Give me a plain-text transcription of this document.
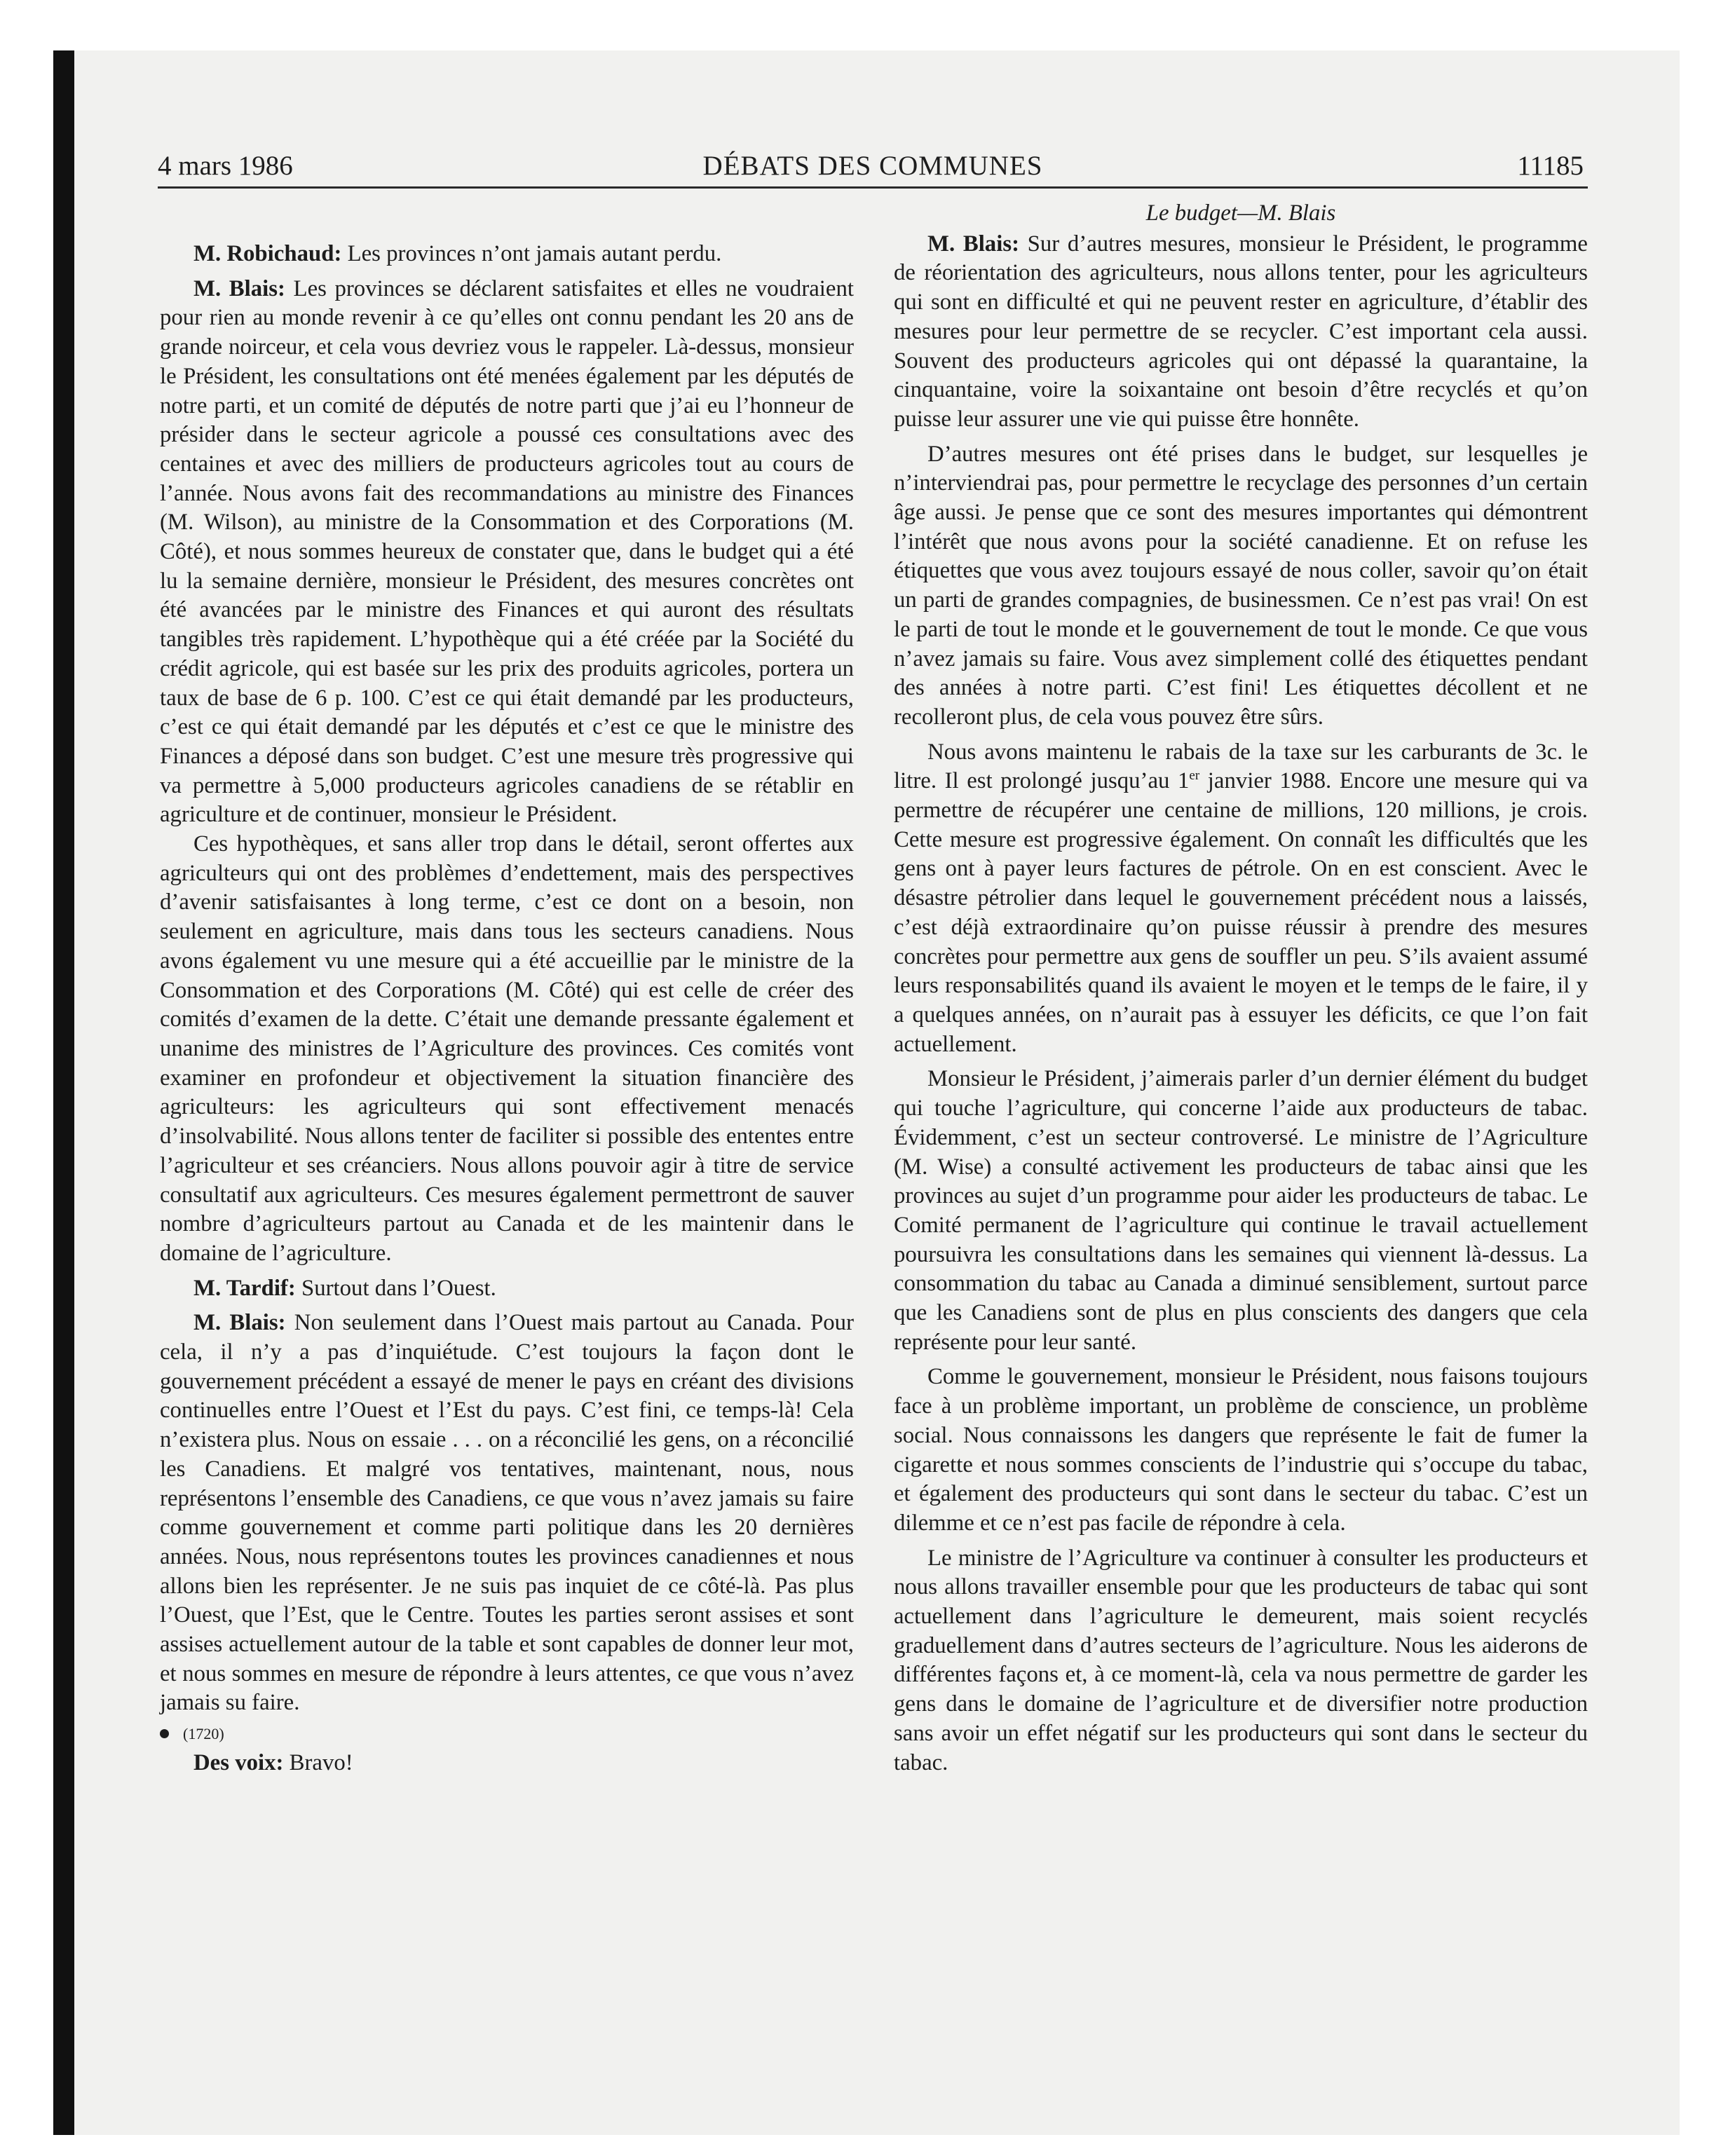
4 mars 1986	DÉBATS DES COMMUNES	11185

M. Robichaud: Les provinces n’ont jamais autant perdu.

M. Blais: Les provinces se déclarent satisfaites et elles ne voudraient pour rien au monde revenir à ce qu’elles ont connu pendant les 20 ans de grande noirceur, et cela vous devriez vous le rappeler. Là-dessus, monsieur le Président, les consultations ont été menées également par les députés de notre parti, et un comité de députés de notre parti que j’ai eu l’honneur de présider dans le secteur agricole a poussé ces consultations avec des centaines et avec des milliers de producteurs agricoles tout au cours de l’année. Nous avons fait des recommandations au ministre des Finances (M. Wilson), au ministre de la Consommation et des Corporations (M. Côté), et nous sommes heureux de constater que, dans le budget qui a été lu la semaine dernière, monsieur le Président, des mesures concrètes ont été avancées par le ministre des Finances et qui auront des résultats tangibles très rapidement. L’hypothèque qui a été créée par la Société du crédit agricole, qui est basée sur les prix des produits agricoles, portera un taux de base de 6 p. 100. C’est ce qui était demandé par les producteurs, c’est ce qui était demandé par les députés et c’est ce que le ministre des Finances a déposé dans son budget. C’est une mesure très progressive qui va permettre à 5,000 producteurs agricoles canadiens de se rétablir en agriculture et de continuer, monsieur le Président.

Ces hypothèques, et sans aller trop dans le détail, seront offertes aux agriculteurs qui ont des problèmes d’endettement, mais des perspectives d’avenir satisfaisantes à long terme, c’est ce dont on a besoin, non seulement en agriculture, mais dans tous les secteurs canadiens. Nous avons également vu une mesure qui a été accueillie par le ministre de la Consommation et des Corporations (M. Côté) qui est celle de créer des comités d’examen de la dette. C’était une demande pressante également et unanime des ministres de l’Agriculture des provinces. Ces comités vont examiner en profondeur et objectivement la situation financière des agriculteurs: les agriculteurs qui sont effectivement menacés d’insolvabilité. Nous allons tenter de faciliter si possible des ententes entre l’agriculteur et ses créanciers. Nous allons pouvoir agir à titre de service consultatif aux agriculteurs. Ces mesures également permettront de sauver nombre d’agriculteurs partout au Canada et de les maintenir dans le domaine de l’agriculture.

M. Tardif: Surtout dans l’Ouest.

M. Blais: Non seulement dans l’Ouest mais partout au Canada. Pour cela, il n’y a pas d’inquiétude. C’est toujours la façon dont le gouvernement précédent a essayé de mener le pays en créant des divisions continuelles entre l’Ouest et l’Est du pays. C’est fini, ce temps-là! Cela n’existera plus. Nous on essaie . . . on a réconcilié les gens, on a réconcilié les Canadiens. Et malgré vos tentatives, maintenant, nous, nous représentons l’ensemble des Canadiens, ce que vous n’avez jamais su faire comme gouvernement et comme parti politique dans les 20 dernières années. Nous, nous représentons toutes les provinces canadiennes et nous allons bien les représenter. Je ne suis pas inquiet de ce côté-là. Pas plus l’Ouest, que l’Est, que le Centre. Toutes les parties seront assises et sont assises actuellement autour de la table et sont capables de donner leur mot, et nous sommes en mesure de répondre à leurs attentes, ce que vous n’avez jamais su faire.

(1720)

Des voix: Bravo!

Le budget—M. Blais

M. Blais: Sur d’autres mesures, monsieur le Président, le programme de réorientation des agriculteurs, nous allons tenter, pour les agriculteurs qui sont en difficulté et qui ne peuvent rester en agriculture, d’établir des mesures pour leur permettre de se recycler. C’est important cela aussi. Souvent des producteurs agricoles qui ont dépassé la quarantaine, la cinquantaine, voire la soixantaine ont besoin d’être recyclés et qu’on puisse leur assurer une vie qui puisse être honnête.

D’autres mesures ont été prises dans le budget, sur lesquelles je n’interviendrai pas, pour permettre le recyclage des personnes d’un certain âge aussi. Je pense que ce sont des mesures importantes qui démontrent l’intérêt que nous avons pour la société canadienne. Et on refuse les étiquettes que vous avez toujours essayé de nous coller, savoir qu’on était un parti de grandes compagnies, de businessmen. Ce n’est pas vrai! On est le parti de tout le monde et le gouvernement de tout le monde. Ce que vous n’avez jamais su faire. Vous avez simplement collé des étiquettes pendant des années à notre parti. C’est fini! Les étiquettes décollent et ne recolleront plus, de cela vous pouvez être sûrs.

Nous avons maintenu le rabais de la taxe sur les carburants de 3c. le litre. Il est prolongé jusqu’au 1er janvier 1988. Encore une mesure qui va permettre de récupérer une centaine de millions, 120 millions, je crois. Cette mesure est progressive également. On connaît les difficultés que les gens ont à payer leurs factures de pétrole. On en est conscient. Avec le désastre pétrolier dans lequel le gouvernement précédent nous a laissés, c’est déjà extraordinaire qu’on puisse réussir à prendre des mesures concrètes pour permettre aux gens de souffler un peu. S’ils avaient assumé leurs responsabilités quand ils avaient le moyen et le temps de le faire, il y a quelques années, on n’aurait pas à essuyer les déficits, ce que l’on fait actuellement.

Monsieur le Président, j’aimerais parler d’un dernier élément du budget qui touche l’agriculture, qui concerne l’aide aux producteurs de tabac. Évidemment, c’est un secteur controversé. Le ministre de l’Agriculture (M. Wise) a consulté activement les producteurs de tabac ainsi que les provinces au sujet d’un programme pour aider les producteurs de tabac. Le Comité permanent de l’agriculture qui continue le travail actuellement poursuivra les consultations dans les semaines qui viennent là-dessus. La consommation du tabac au Canada a diminué sensiblement, surtout parce que les Canadiens sont de plus en plus conscients des dangers que cela représente pour leur santé.

Comme le gouvernement, monsieur le Président, nous faisons toujours face à un problème important, un problème de conscience, un problème social. Nous connaissons les dangers que représente le fait de fumer la cigarette et nous sommes conscients de l’industrie qui s’occupe du tabac, et également des producteurs qui sont dans le secteur du tabac. C’est un dilemme et ce n’est pas facile de répondre à cela.

Le ministre de l’Agriculture va continuer à consulter les producteurs et nous allons travailler ensemble pour que les producteurs de tabac qui sont actuellement dans l’agriculture le demeurent, mais soient recyclés graduellement dans d’autres secteurs de l’agriculture. Nous les aiderons de différentes façons et, à ce moment-là, cela va nous permettre de garder les gens dans le domaine de l’agriculture et de diversifier notre production sans avoir un effet négatif sur les producteurs qui sont dans le secteur du tabac.
